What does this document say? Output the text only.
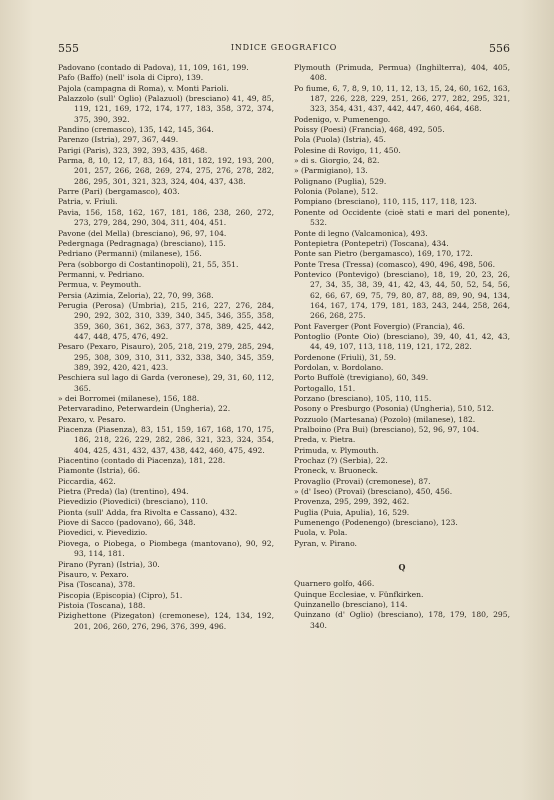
555	INDICE GEOGRAFICO	556
Padovano (contado di Padova), 11, 109, 161, 199.
Pafo (Baffo) (nell' isola di Cipro), 139.
Pajola (campagna di Roma), v. Monti Parioli.
Palazzolo (sull' Oglio) (Palazuol) (bresciano) 41, 49, 85, 119, 121, 169, 172, 174, 177, 183, 358, 372, 374, 375, 390, 392.
Pandino (cremasco), 135, 142, 145, 364.
Parenzo (Istria), 297, 367, 449.
Parigi (Paris), 323, 392, 393, 435, 468.
Parma, 8, 10, 12, 17, 83, 164, 181, 182, 192, 193, 200, 201, 257, 266, 268, 269, 274, 275, 276, 278, 282, 286, 295, 301, 321, 323, 324, 404, 437, 438.
Parre (Pari) (bergamasco), 403.
Patria, v. Friuli.
Pavia, 156, 158, 162, 167, 181, 186, 238, 260, 272, 273, 279, 284, 290, 304, 311, 404, 451.
Pavone (del Mella) (bresciano), 96, 97, 104.
Pedergnaga (Pedragnaga) (bresciano), 115.
Pedriano (Permanni) (milanese), 156.
Pera (sobborgo di Costantinopoli), 21, 55, 351.
Permanni, v. Pedriano.
Permua, v. Peymouth.
Persia (Azimia, Zeloria), 22, 70, 99, 368.
Perugia (Perosa) (Umbria), 215, 216, 227, 276, 284, 290, 292, 302, 310, 339, 340, 345, 346, 355, 358, 359, 360, 361, 362, 363, 377, 378, 389, 425, 442, 447, 448, 475, 476, 492.
Pesaro (Pexaro, Pisauro), 205, 218, 219, 279, 285, 294, 295, 308, 309, 310, 311, 332, 338, 340, 345, 359, 389, 392, 420, 421, 423.
Peschiera sul lago di Garda (veronese), 29, 31, 60, 112, 365.
» dei Borromei (milanese), 156, 188.
Petervaradino, Peterwardein (Ungheria), 22.
Pexaro, v. Pesaro.
Piacenza (Piasenza), 83, 151, 159, 167, 168, 170, 175, 186, 218, 226, 229, 282, 286, 321, 323, 324, 354, 404, 425, 431, 432, 437, 438, 442, 460, 475, 492.
Piacentino (contado di Piacenza), 181, 228.
Piamonte (Istria), 66.
Piccardia, 462.
Pietra (Preda) (la) (trentino), 494.
Pievedizio (Piovedici) (bresciano), 110.
Pionta (sull' Adda, fra Rivolta e Cassano), 432.
Piove di Sacco (padovano), 66, 348.
Piovedici, v. Pievedizio.
Piovega, o Piobega, o Piombega (mantovano), 90, 92, 93, 114, 181.
Pirano (Pyran) (Istria), 30.
Pisauro, v. Pexaro.
Pisa (Toscana), 378.
Piscopia (Episcopia) (Cipro), 51.
Pistoia (Toscana), 188.
Pizighettone (Pizegaton) (cremonese), 124, 134, 192, 201, 206, 260, 276, 296, 376, 399, 496.
Plymouth (Primuda, Permua) (Inghilterra), 404, 405, 408.
Po fiume, 6, 7, 8, 9, 10, 11, 12, 13, 15, 24, 60, 162, 163, 187, 226, 228, 229, 251, 266, 277, 282, 295, 321, 323, 354, 431, 437, 442, 447, 460, 464, 468.
Podenigo, v. Pumenengo.
Poissy (Poesi) (Francia), 468, 492, 505.
Pola (Puola) (Istria), 45.
Polesine di Rovigo, 11, 450.
» di s. Giorgio, 24, 82.
» (Parmigiano), 13.
Polignano (Puglia), 529.
Polonia (Polane), 512.
Pompiano (bresciano), 110, 115, 117, 118, 123.
Ponente od Occidente (cioè stati e mari del ponente), 532.
Ponte di legno (Valcamonica), 493.
Pontepietra (Pontepetri) (Toscana), 434.
Ponte san Pietro (bergamasco), 169, 170, 172.
Ponte Tresa (Tressa) (comasco), 490, 496, 498, 506.
Pontevico (Pontevigo) (bresciano), 18, 19, 20, 23, 26, 27, 34, 35, 38, 39, 41, 42, 43, 44, 50, 52, 54, 56, 62, 66, 67, 69, 75, 79, 80, 87, 88, 89, 90, 94, 134, 164, 167, 174, 179, 181, 183, 243, 244, 258, 264, 266, 268, 275.
Pont Faverger (Pont Fovergio) (Francia), 46.
Pontoglio (Ponte Oio) (bresciano), 39, 40, 41, 42, 43, 44, 49, 107, 113, 118, 119, 121, 172, 282.
Pordenone (Friuli), 31, 59.
Pordolan, v. Bordolano.
Porto Buffolè (trevigiano), 60, 349.
Portogallo, 151.
Porzano (bresciano), 105, 110, 115.
Posony o Presburgo (Posonia) (Ungheria), 510, 512.
Pozzuolo (Martesana) (Pozolo) (milanese), 182.
Pralboino (Pra Bui) (bresciano), 52, 96, 97, 104.
Preda, v. Pietra.
Primuda, v. Plymouth.
Prochaz (?) (Serbia), 22.
Proneck, v. Bruoneck.
Provaglio (Provai) (cremonese), 87.
» (d' Iseo) (Provai) (bresciano), 450, 456.
Provenza, 295, 299, 392, 462.
Puglia (Puia, Apulia), 16, 529.
Pumenengo (Podenengo) (bresciano), 123.
Puola, v. Pola.
Pyran, v. Pirano.
Q
Quarnero golfo, 466.
Quinque Ecclesiae, v. Fünfkirken.
Quinzanello (bresciano), 114.
Quinzano (d' Oglio) (bresciano), 178, 179, 180, 295, 340.
